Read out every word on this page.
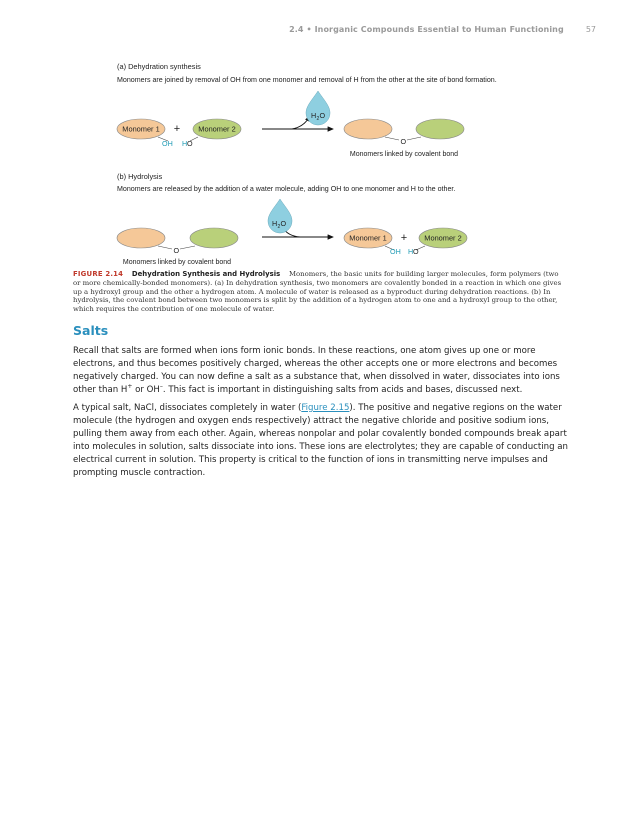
2.4 • Inorganic Compounds Essential to Human Functioning	57
(a) Dehydration synthesis
Monomers are joined by removal of OH from one monomer and removal of H from the other at the site of bond formation.
(b) Hydrolysis
Monomers are released by the addition of a water molecule, adding OH to one monomer and H to the other.
Monomer 1 + Monomer 2
OH H O
H 2 O
O
Monomers linked by covalent bond
O
Monomers linked by covalent bond
H 2 O
Monomer 1 + Monomer 2
OH H O
FIGURE 2.14 Dehydration Synthesis and Hydrolysis Monomers, the basic units for building larger molecules, form polymers (two or more chemically-bonded monomers). (a) In dehydration synthesis, two monomers are covalently bonded in a reaction in which one gives up a hydroxyl group and the other a hydrogen atom. A molecule of water is released as a byproduct during dehydration reactions. (b) In hydrolysis, the covalent bond between two monomers is split by the addition of a hydrogen atom to one and a hydroxyl group to the other, which requires the contribution of one molecule of water.
Salts

Recall that salts are formed when ions form ionic bonds. In these reactions, one atom gives up one or more electrons, and thus becomes positively charged, whereas the other accepts one or more electrons and becomes negatively charged. You can now define a salt as a substance that, when dissolved in water, dissociates into ions other than H+ or OH–. This fact is important in distinguishing salts from acids and bases, discussed next.

A typical salt, NaCl, dissociates completely in water (Figure 2.15). The positive and negative regions on the water molecule (the hydrogen and oxygen ends respectively) attract the negative chloride and positive sodium ions, pulling them away from each other. Again, whereas nonpolar and polar covalently bonded compounds break apart into molecules in solution, salts dissociate into ions. These ions are electrolytes; they are capable of conducting an electrical current in solution. This property is critical to the function of ions in transmitting nerve impulses and prompting muscle contraction.
